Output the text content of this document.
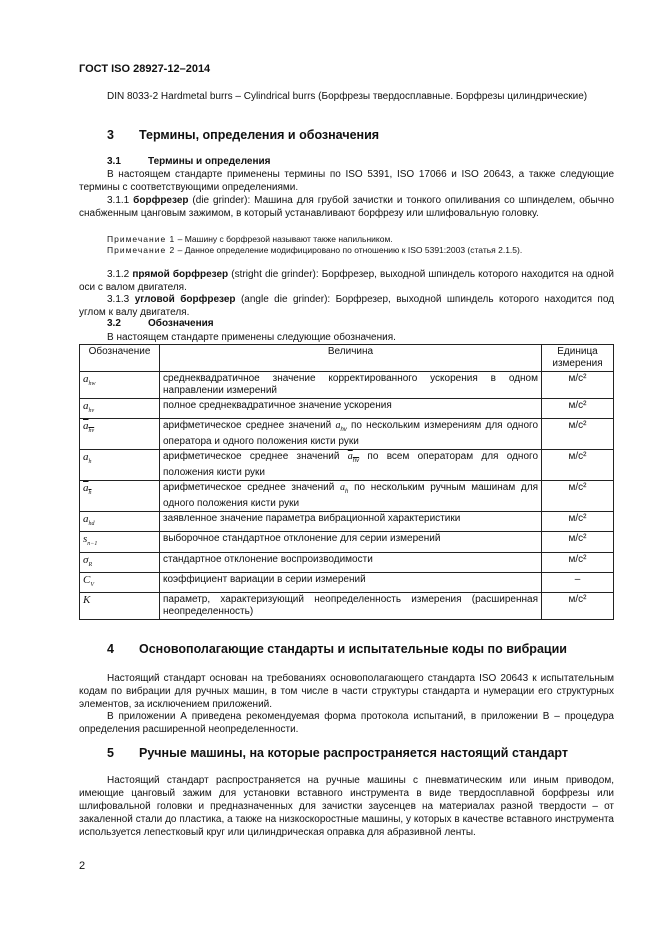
ГОСТ ISO 28927-12–2014
DIN 8033-2 Hardmetal burrs – Cylindrical burrs (Борфрезы твердосплавные. Борфрезы цилиндрические)
3 Термины, определения и обозначения
3.1	Термины и определения
В настоящем стандарте применены термины по ISO 5391, ISO 17066 и ISO 20643, а также следующие термины с соответствующими определениями.
3.1.1 борфрезер (die grinder): Машина для грубой зачистки и тонкого опиливания со шпинделем, обычно снабженным цанговым зажимом, в который устанавливают борфрезу или шлифовальную головку.
Примечание 1 – Машину с борфрезой называют также напильником.
Примечание 2 – Данное определение модифицировано по отношению к ISO 5391:2003 (статья 2.1.5).
3.1.2 прямой борфрезер (stright die grinder): Борфрезер, выходной шпиндель которого находится на одной оси с валом двигателя.
3.1.3 угловой борфрезер (angle die grinder): Борфрезер, выходной шпиндель которого находится под углом к валу двигателя.
3.2	Обозначения
В настоящем стандарте применены следующие обозначения.
Обозначение	Величина	Единица измерения
$a_{hw}$	среднеквадратичное значение корректированного ускорения в одном направлении измерений	м/с²
$a_{hv}$	полное среднеквадратичное значение ускорения	м/с²
$a_{hv}$	арифметическое среднее значений $a_{hv}$ по нескольким измерениям для одного оператора и одного положения кисти руки	м/с²
$a_h$	арифметическое среднее значений $a_{hv}$ по всем операторам для одного положения кисти руки	м/с²
$a_h$	арифметическое среднее значений $a_h$ по нескольким ручным машинам для одного положения кисти руки	м/с²
$a_{hd}$	заявленное значение параметра вибрационной характеристики	м/с²
$s_{n-1}$	выборочное стандартное отклонение для серии измерений	м/с²
$\sigma_R$	стандартное отклонение воспроизводимости	м/с²
$C_V$	коэффициент вариации в серии измерений	–
K	параметр, характеризующий неопределенность измерения (расширенная неопределенность)	м/с²
4 Основополагающие стандарты и испытательные коды по вибрации
Настоящий стандарт основан на требованиях основополагающего стандарта ISO 20643 к испытательным кодам по вибрации для ручных машин, в том числе в части структуры стандарта и нумерации его структурных элементов, за исключением приложений.
В приложении А приведена рекомендуемая форма протокола испытаний, в приложении В – процедура определения расширенной неопределенности.
5 Ручные машины, на которые распространяется настоящий стандарт
Настоящий стандарт распространяется на ручные машины с пневматическим или иным приводом, имеющие цанговый зажим для установки вставного инструмента в виде твердосплавной борфрезы или шлифовальной головки и предназначенных для зачистки заусенцев на материалах разной твердости – от закаленной стали до пластика, а также на низкоскоростные машины, у которых в качестве вставного инструмента используется лепестковый круг или цилиндрическая оправка для абразивной ленты.
2
